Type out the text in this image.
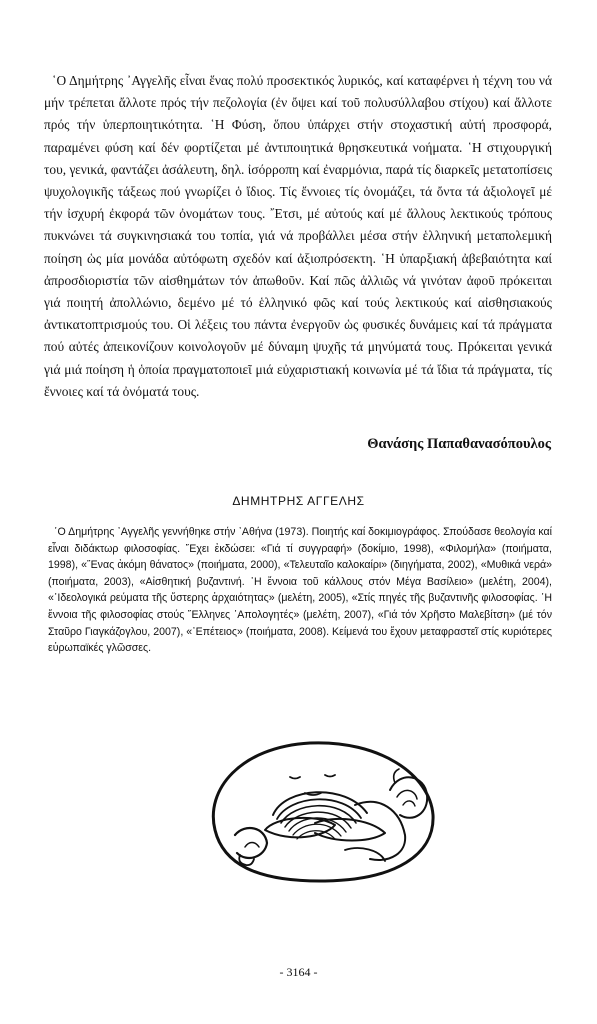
῾Ο Δημήτρης ᾽Αγγελῆς εἶναι ἕνας πολύ προσεκτικός λυρικός, καί καταφέρνει ἡ τέχνη του νά μήν τρέπεται ἄλλοτε πρός τήν πεζολογία (ἐν ὄψει καί τοῦ πολυσύλλαβου στίχου) καί ἄλλοτε πρός τήν ὑπερποιητικότητα. ῾Η Φύση, ὅπου ὑπάρχει στήν στοχαστική αὐτή προσφορά, παραμένει φύση καί δέν φορτίζεται μέ ἀντιποιητικά θρησκευτικά νοήματα. ῾Η στιχουργική του, γενικά, φαντάζει ἀσάλευτη, δηλ. ἰσόρροπη καί ἐναρμόνια, παρά τίς διαρκεῖς μετατοπίσεις ψυχολογικῆς τάξεως πού γνωρίζει ὁ ἴδιος. Τίς ἔννοιες τίς ὀνομάζει, τά ὄντα τά ἀξιολογεῖ μέ τήν ἰσχυρή ἐκφορά τῶν ὀνομάτων τους. ῎Ετσι, μέ αὐτούς καί μέ ἄλλους λεκτικούς τρόπους πυκνώνει τά συγκινησιακά του τοπία, γιά νά προβάλλει μέσα στήν ἑλληνική μεταπολεμική ποίηση ὡς μία μονάδα αὐτόφωτη σχεδόν καί ἀξιοπρόσεκτη. ῾Η ὑπαρξιακή ἀβεβαιότητα καί ἀπροσδιοριστία τῶν αἰσθημάτων τόν ἀπωθοῦν. Καί πῶς ἀλλιῶς νά γινόταν ἀφοῦ πρόκειται γιά ποιητή ἀπολλώνιο, δεμένο μέ τό ἑλληνικό φῶς καί τούς λεκτικούς καί αἰσθησιακούς ἀντικατοπτρισμούς του. Οἱ λέξεις του πάντα ἐνεργοῦν ὡς φυσικές δυνάμεις καί τά πράγματα πού αὐτές ἀπεικονίζουν κοινολογοῦν μέ δύναμη ψυχῆς τά μηνύματά τους. Πρόκειται γενικά γιά μιά ποίηση ἡ ὁποία πραγματοποιεῖ μιά εὐχαριστιακή κοινωνία μέ τά ἴδια τά πράγματα, τίς ἔννοιες καί τά ὀνόματά τους.

Θανάσης Παπαθανασόπουλος
ΔΗΜΗΤΡΗΣ ΑΓΓΕΛΗΣ

῾Ο Δημήτρης ᾽Αγγελῆς γεννήθηκε στήν ᾽Αθήνα (1973). Ποιητής καί δοκιμιογράφος. Σπούδασε θεολογία καί εἶναι διδάκτωρ φιλοσοφίας. ῎Εχει ἐκδώσει: «Γιά τί συγγραφή» (δοκίμιο, 1998), «Φιλομήλα» (ποιήματα, 1998), «῞Ενας ἀκόμη θάνατος» (ποιήματα, 2000), «Τελευταῖο καλοκαίρι» (διηγήματα, 2002), «Μυθικά νερά» (ποιήματα, 2003), «Αἰσθητική βυζαντινή. ῾Η ἔννοια τοῦ κάλλους στόν Μέγα Βασίλειο» (μελέτη, 2004), «᾽Ιδεολογικά ρεύματα τῆς ὕστερης ἀρχαιότητας» (μελέτη, 2005), «Στίς πηγές τῆς βυζαντινῆς φιλοσοφίας. ῾Η ἔννοια τῆς φιλοσοφίας στούς ῞Ελληνες ᾽Απολογητές» (μελέτη, 2007), «Γιά τόν Χρῆστο Μαλεβίτση» (μέ τόν Σταῦρο Γιαγκάζογλου, 2007), «᾽Επέτειος» (ποιήματα, 2008). Κείμενά του ἔχουν μεταφραστεῖ στίς κυριότερες εὐρωπαϊκές γλῶσσες.

- 3164 -
